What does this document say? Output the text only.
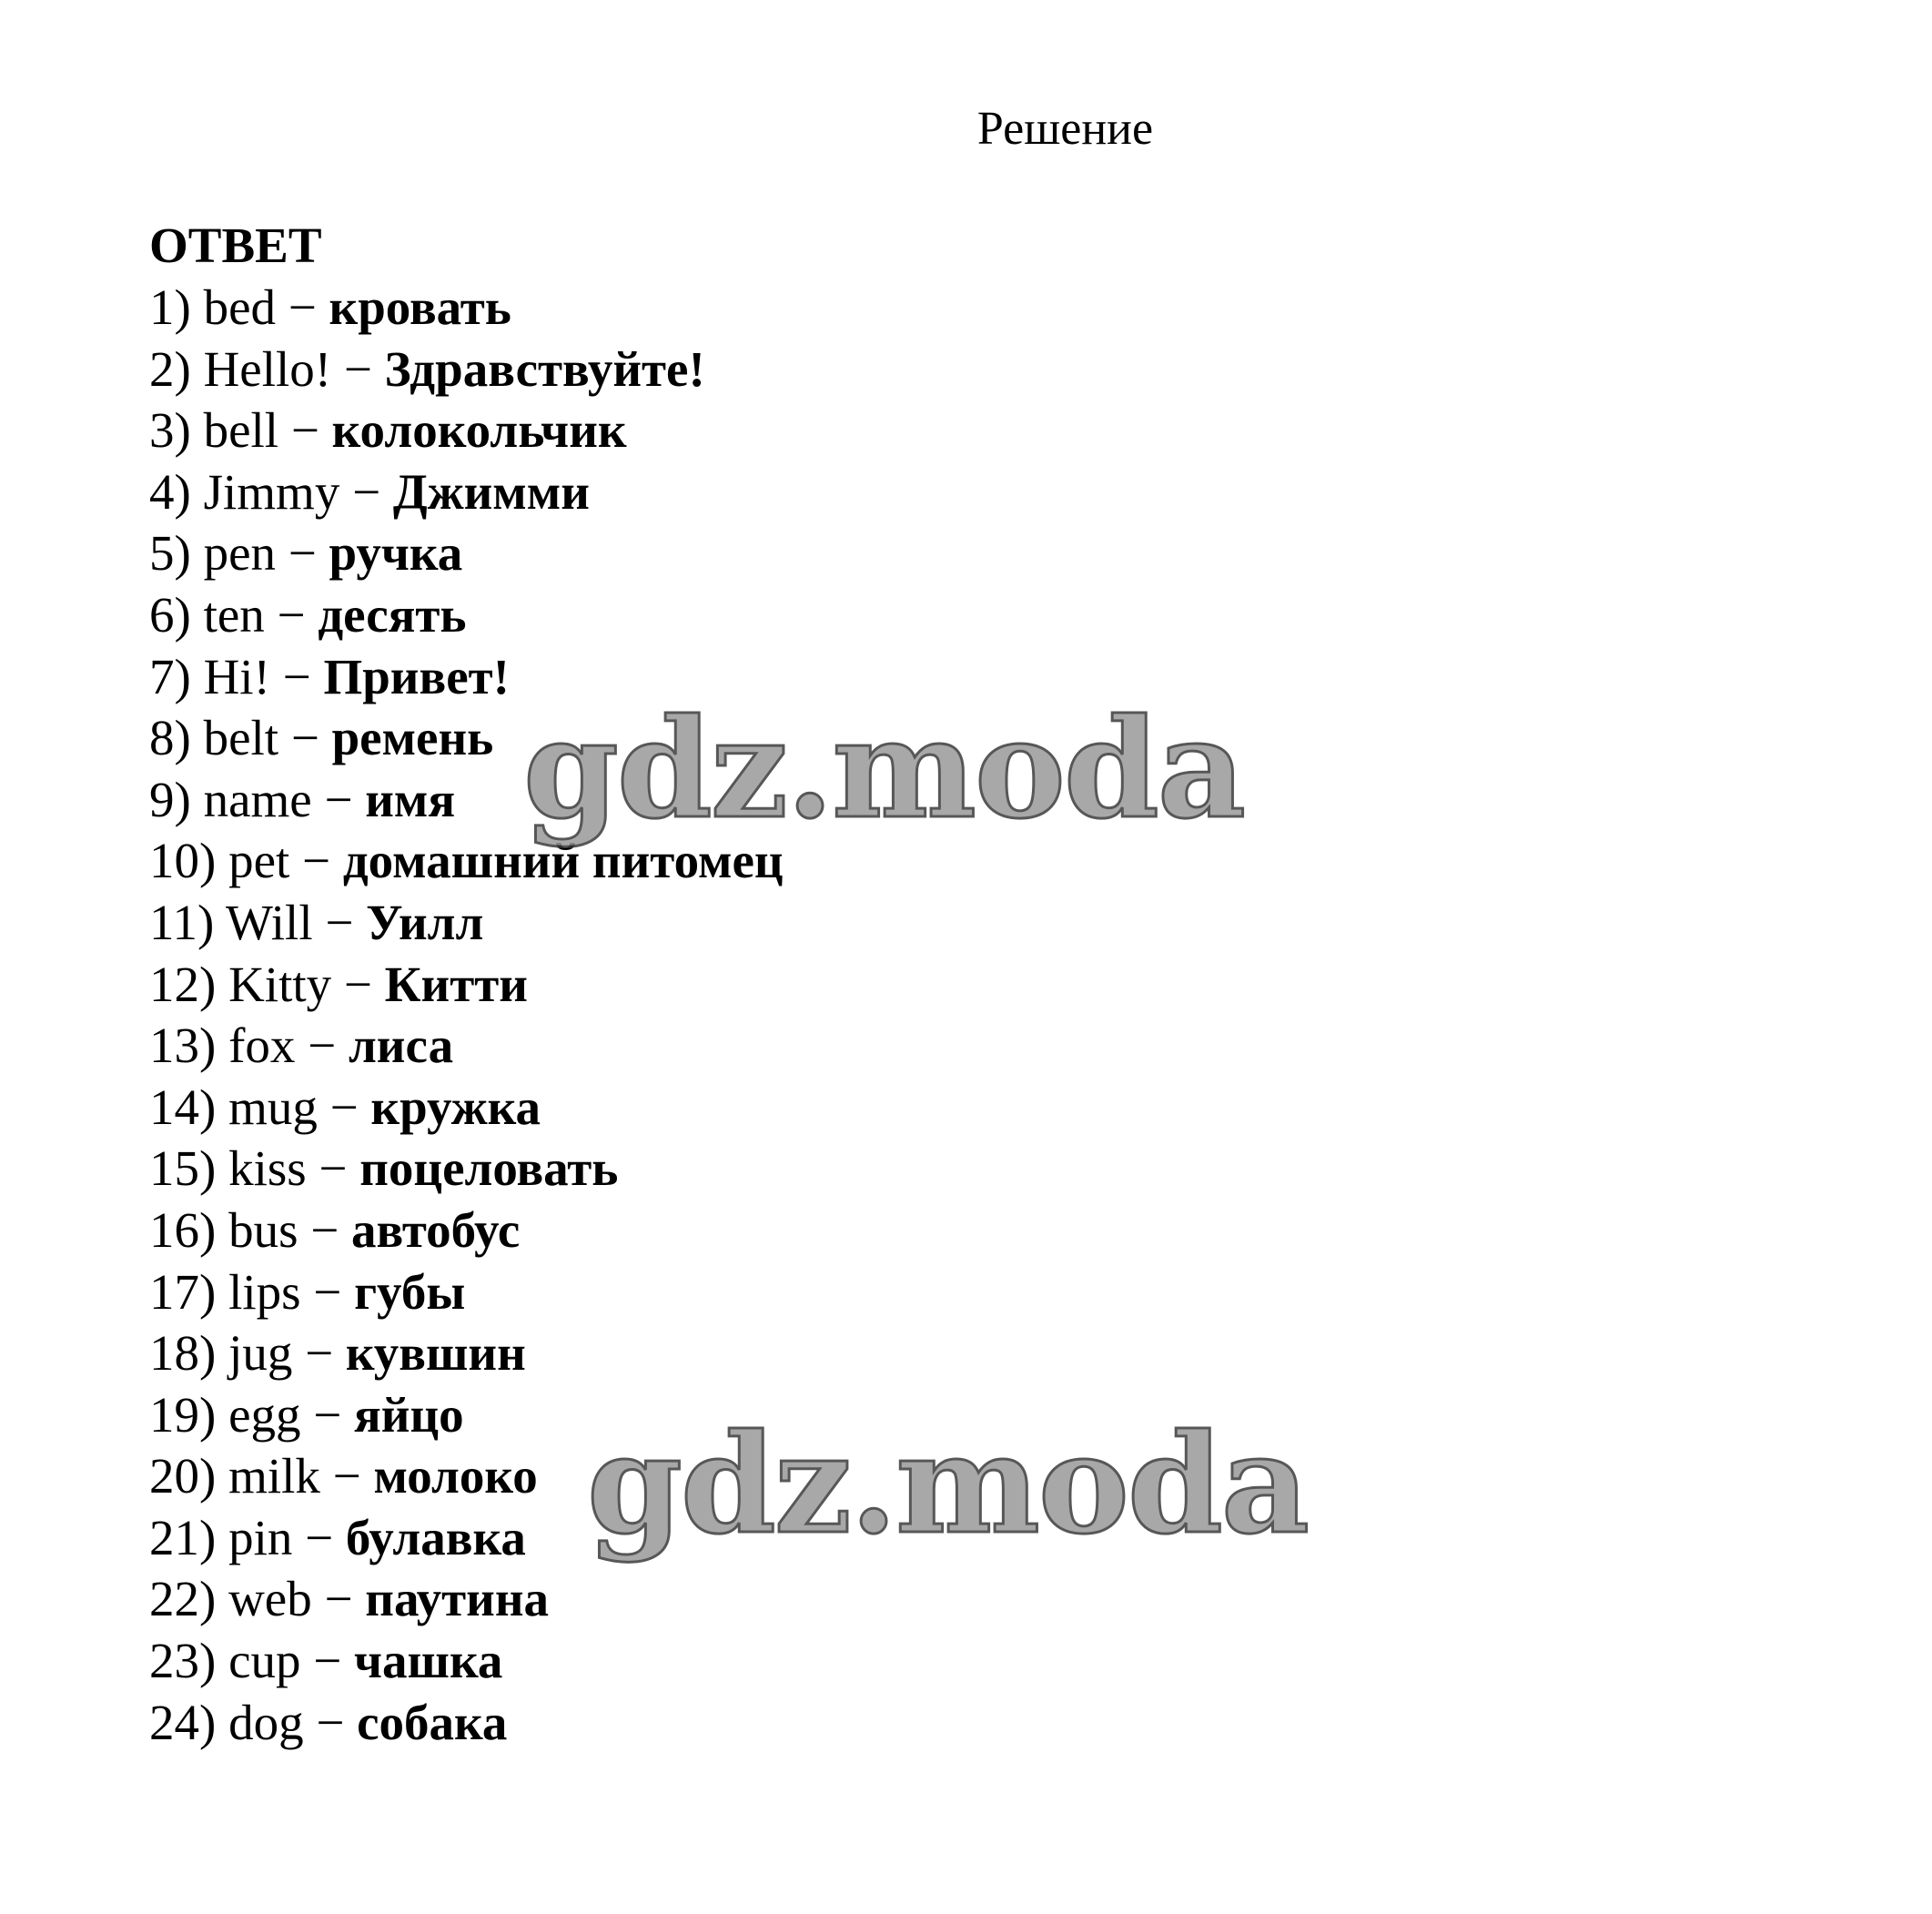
Решение
ОТВЕТ
1) bed − кровать
2) Hello! − Здравствуйте!
3) bell − колокольчик
4) Jimmy − Джимми
5) pen − ручка
6) ten − десять
7) Hi! − Привет!
8) belt − ремень
9) name − имя
10) pet − домашний питомец
11) Will − Уилл
12) Kitty − Китти
13) fox − лиса
14) mug − кружка
15) kiss − поцеловать
16) bus − автобус
17) lips − губы
18) jug − кувшин
19) egg − яйцо
20) milk − молоко
21) pin − булавка
22) web − паутина
23) cup − чашка
24) dog − собака
gdz.moda
gdz.moda
